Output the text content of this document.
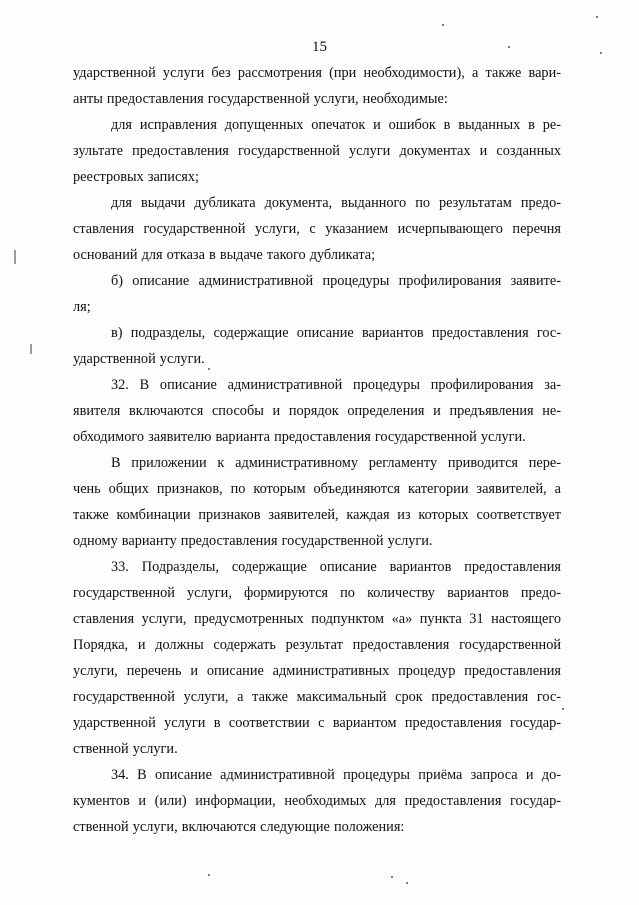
15
ударственной услуги без рассмотрения (при необходимости), а также вари-
анты предоставления государственной услуги, необходимые:
для исправления допущенных опечаток и ошибок в выданных в ре-
зультате предоставления государственной услуги документах и созданных
реестровых записях;
для выдачи дубликата документа, выданного по результатам предо-
ставления государственной услуги, с указанием исчерпывающего перечня
оснований для отказа в выдаче такого дубликата;
б) описание административной процедуры профилирования заявите-
ля;
в) подразделы, содержащие описание вариантов предоставления гос-
ударственной услуги.
32. В описание административной процедуры профилирования за-
явителя включаются способы и порядок определения и предъявления не-
обходимого заявителю варианта предоставления государственной услуги.
В приложении к административному регламенту приводится пере-
чень общих признаков, по которым объединяются категории заявителей, а
также комбинации признаков заявителей, каждая из которых соответствует
одному варианту предоставления государственной услуги.
33. Подразделы, содержащие описание вариантов предоставления
государственной услуги, формируются по количеству вариантов предо-
ставления услуги, предусмотренных подпунктом «а» пункта 31 настоящего
Порядка, и должны содержать результат предоставления государственной
услуги, перечень и описание административных процедур предоставления
государственной услуги, а также максимальный срок предоставления гос-
ударственной услуги в соответствии с вариантом предоставления государ-
ственной услуги.
34. В описание административной процедуры приёма запроса и до-
кументов и (или) информации, необходимых для предоставления государ-
ственной услуги, включаются следующие положения:
